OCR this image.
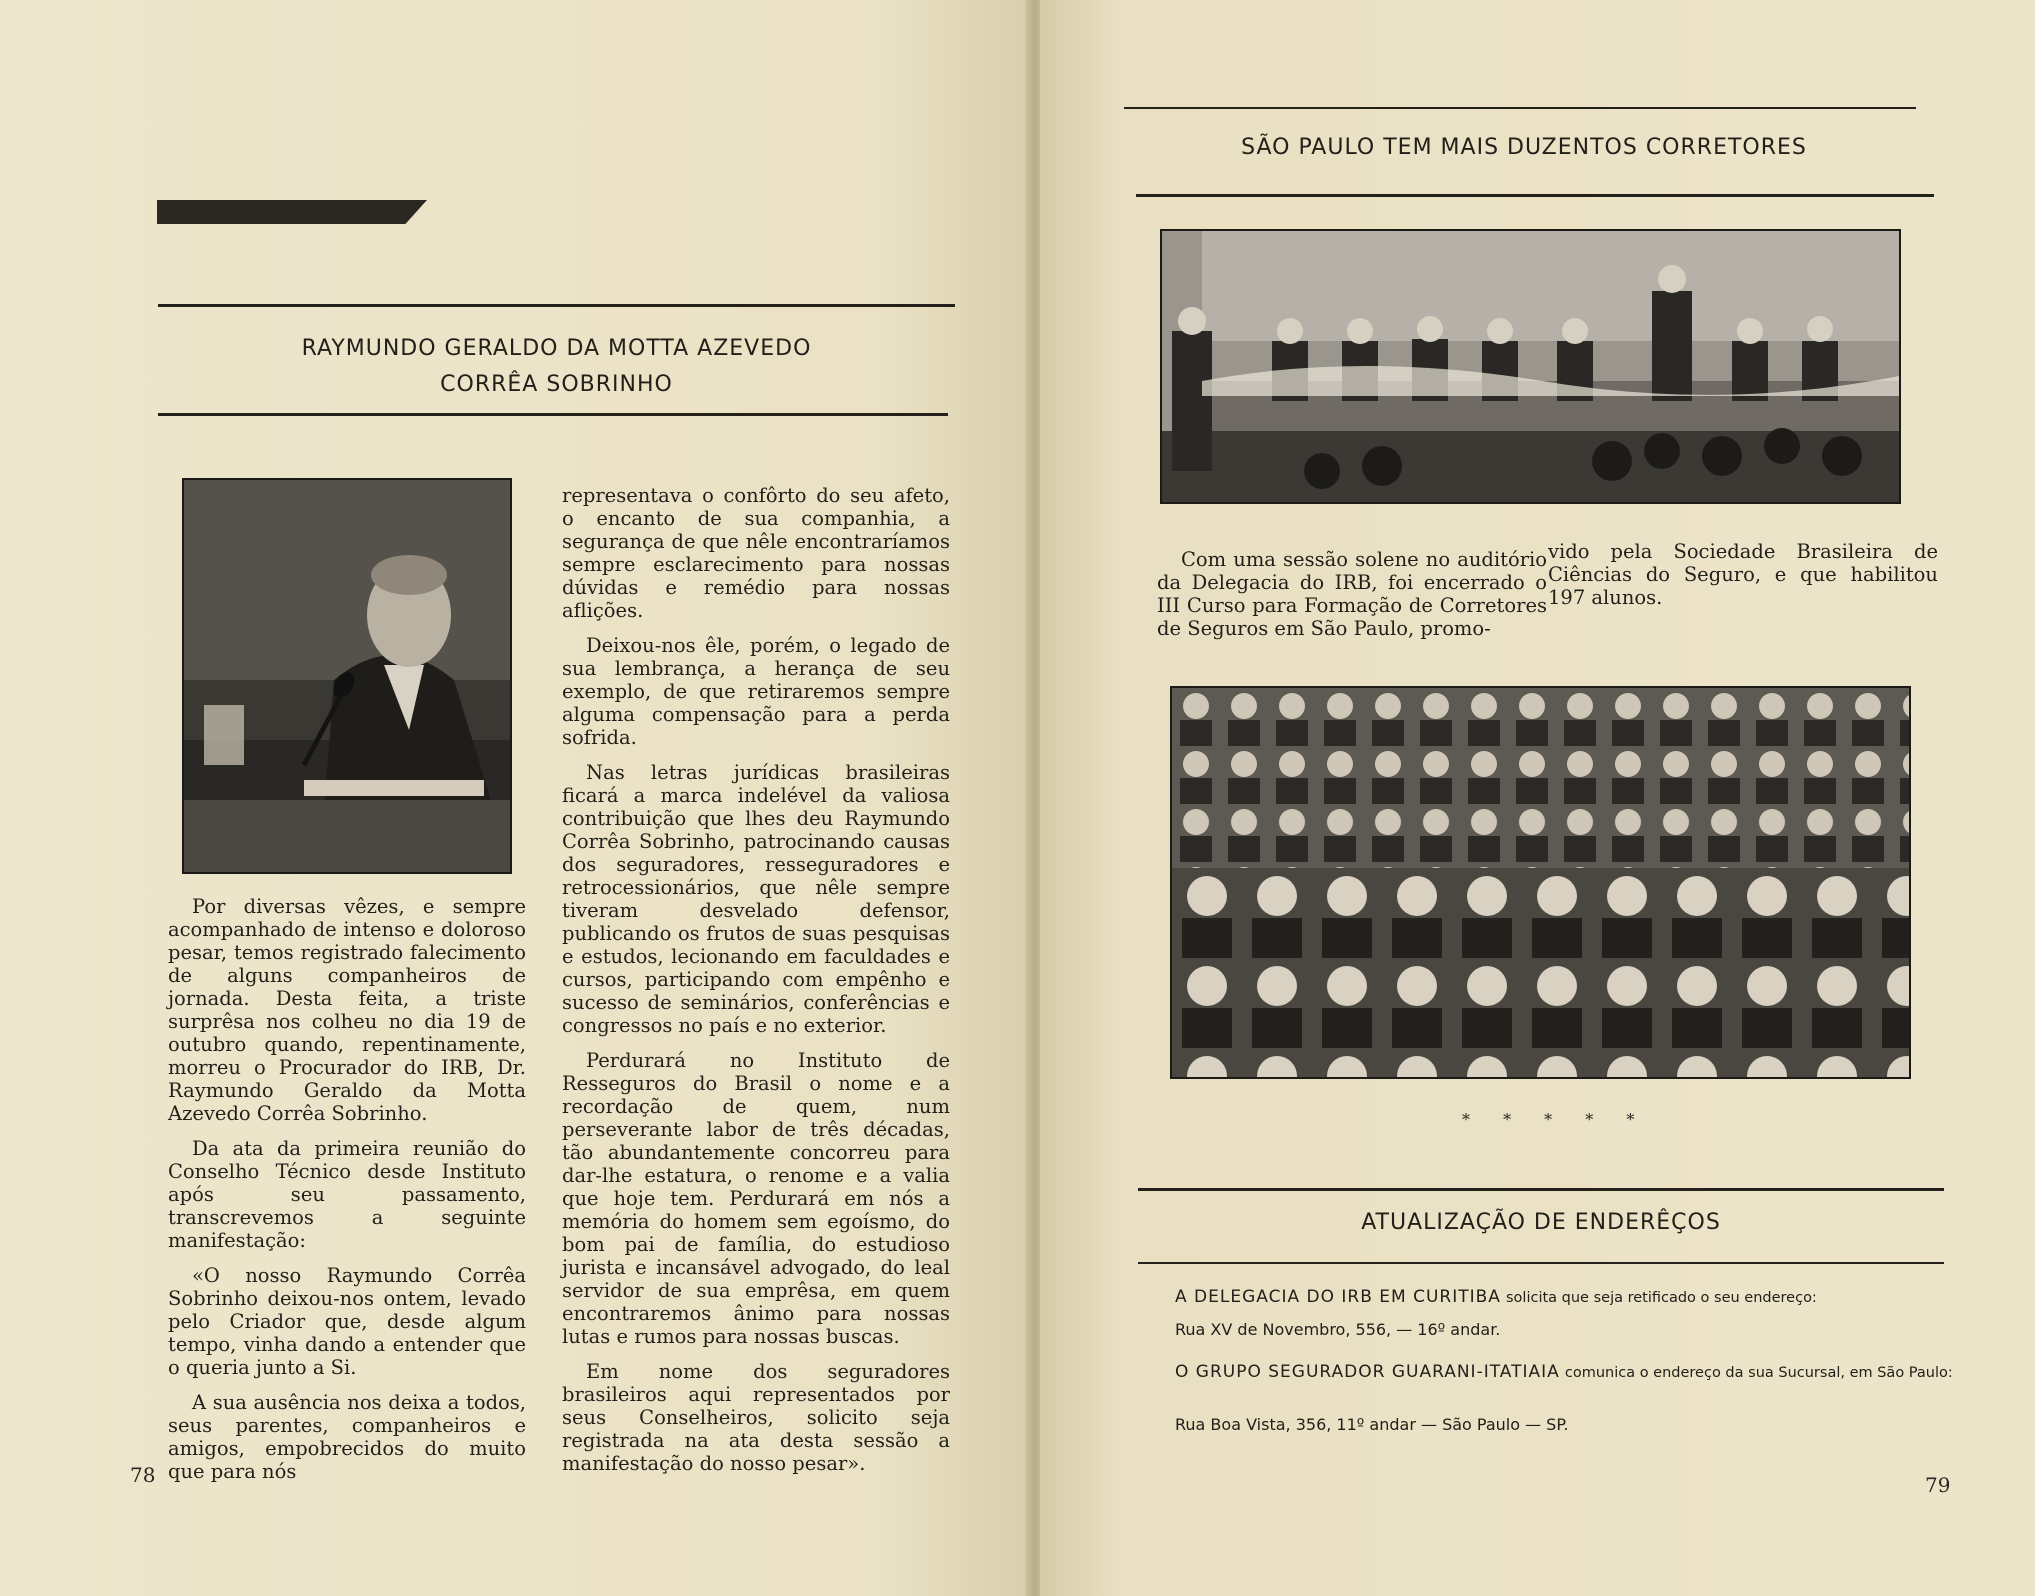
RAYMUNDO GERALDO DA MOTTA AZEVEDO
CORRÊA SOBRINHO

Por diversas vêzes, e sempre acompanhado de intenso e doloroso pesar, temos registrado falecimento de alguns companheiros de jornada. Desta feita, a triste surprêsa nos colheu no dia 19 de outubro quando, repentinamente, morreu o Procurador do IRB, Dr. Raymundo Geraldo da Motta Azevedo Corrêa Sobrinho.

Da ata da primeira reunião do Conselho Técnico desde Instituto após seu passamento, transcrevemos a seguinte manifestação:

«O nosso Raymundo Corrêa Sobrinho deixou-nos ontem, levado pelo Criador que, desde algum tempo, vinha dando a entender que o queria junto a Si.

A sua ausência nos deixa a todos, seus parentes, companheiros e amigos, empobrecidos do muito que para nós

representava o confôrto do seu afeto, o encanto de sua companhia, a segurança de que nêle encontraríamos sempre esclarecimento para nossas dúvidas e remédio para nossas aflições.

Deixou-nos êle, porém, o legado de sua lembrança, a herança de seu exemplo, de que retiraremos sempre alguma compensação para a perda sofrida.

Nas letras jurídicas brasileiras ficará a marca indelével da valiosa contribuição que lhes deu Raymundo Corrêa Sobrinho, patrocinando causas dos seguradores, resseguradores e retrocessionários, que nêle sempre tiveram desvelado defensor, publicando os frutos de suas pesquisas e estudos, lecionando em faculdades e cursos, participando com empênho e sucesso de seminários, conferências e congressos no país e no exterior.

Perdurará no Instituto de Resseguros do Brasil o nome e a recordação de quem, num perseverante labor de três décadas, tão abundantemente concorreu para dar-lhe estatura, o renome e a valia que hoje tem. Perdurará em nós a memória do homem sem egoísmo, do bom pai de família, do estudioso jurista e incansável advogado, do leal servidor de sua emprêsa, em quem encontraremos ânimo para nossas lutas e rumos para nossas buscas.

Em nome dos seguradores brasileiros aqui representados por seus Conselheiros, solicito seja registrada na ata desta sessão a manifestação do nosso pesar».

78
SÃO PAULO TEM MAIS DUZENTOS CORRETORES

Com uma sessão solene no auditório da Delegacia do IRB, foi encerrado o III Curso para Formação de Corretores de Seguros em São Paulo, promo-

vido pela Sociedade Brasileira de Ciências do Seguro, e que habilitou 197 alunos.

* * * * *
ATUALIZAÇÃO DE ENDERÊÇOS
A DELEGACIA DO IRB EM CURITIBA solicita que seja retificado o seu endereço:
Rua XV de Novembro, 556, — 16º andar.
O GRUPO SEGURADOR GUARANI-ITATIAIA comunica o endereço da sua Sucursal, em São Paulo:
Rua Boa Vista, 356, 11º andar — São Paulo — SP.
79
